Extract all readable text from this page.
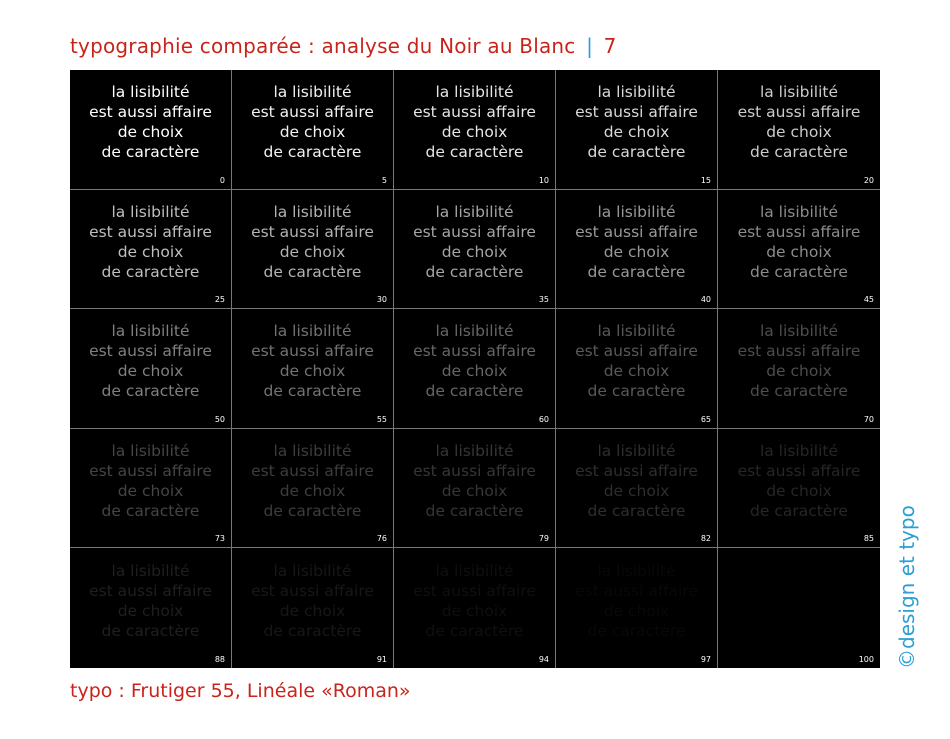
typographie comparée : analyse du Noir au Blanc | 7
la lisibilité
est aussi affaire
de choix
de caractère
0
la lisibilité
est aussi affaire
de choix
de caractère
5
la lisibilité
est aussi affaire
de choix
de caractère
10
la lisibilité
est aussi affaire
de choix
de caractère
15
la lisibilité
est aussi affaire
de choix
de caractère
20
la lisibilité
est aussi affaire
de choix
de caractère
25
la lisibilité
est aussi affaire
de choix
de caractère
30
la lisibilité
est aussi affaire
de choix
de caractère
35
la lisibilité
est aussi affaire
de choix
de caractère
40
la lisibilité
est aussi affaire
de choix
de caractère
45
la lisibilité
est aussi affaire
de choix
de caractère
50
la lisibilité
est aussi affaire
de choix
de caractère
55
la lisibilité
est aussi affaire
de choix
de caractère
60
la lisibilité
est aussi affaire
de choix
de caractère
65
la lisibilité
est aussi affaire
de choix
de caractère
70
la lisibilité
est aussi affaire
de choix
de caractère
73
la lisibilité
est aussi affaire
de choix
de caractère
76
la lisibilité
est aussi affaire
de choix
de caractère
79
la lisibilité
est aussi affaire
de choix
de caractère
82
la lisibilité
est aussi affaire
de choix
de caractère
85
la lisibilité
est aussi affaire
de choix
de caractère
88
la lisibilité
est aussi affaire
de choix
de caractère
91
la lisibilité
est aussi affaire
de choix
de caractère
94
la lisibilité
est aussi affaire
de choix
de caractère
97
la lisibilité
est aussi affaire
de choix
de caractère
100
typo : Frutiger 55, Linéale «Roman»
©design et typo
